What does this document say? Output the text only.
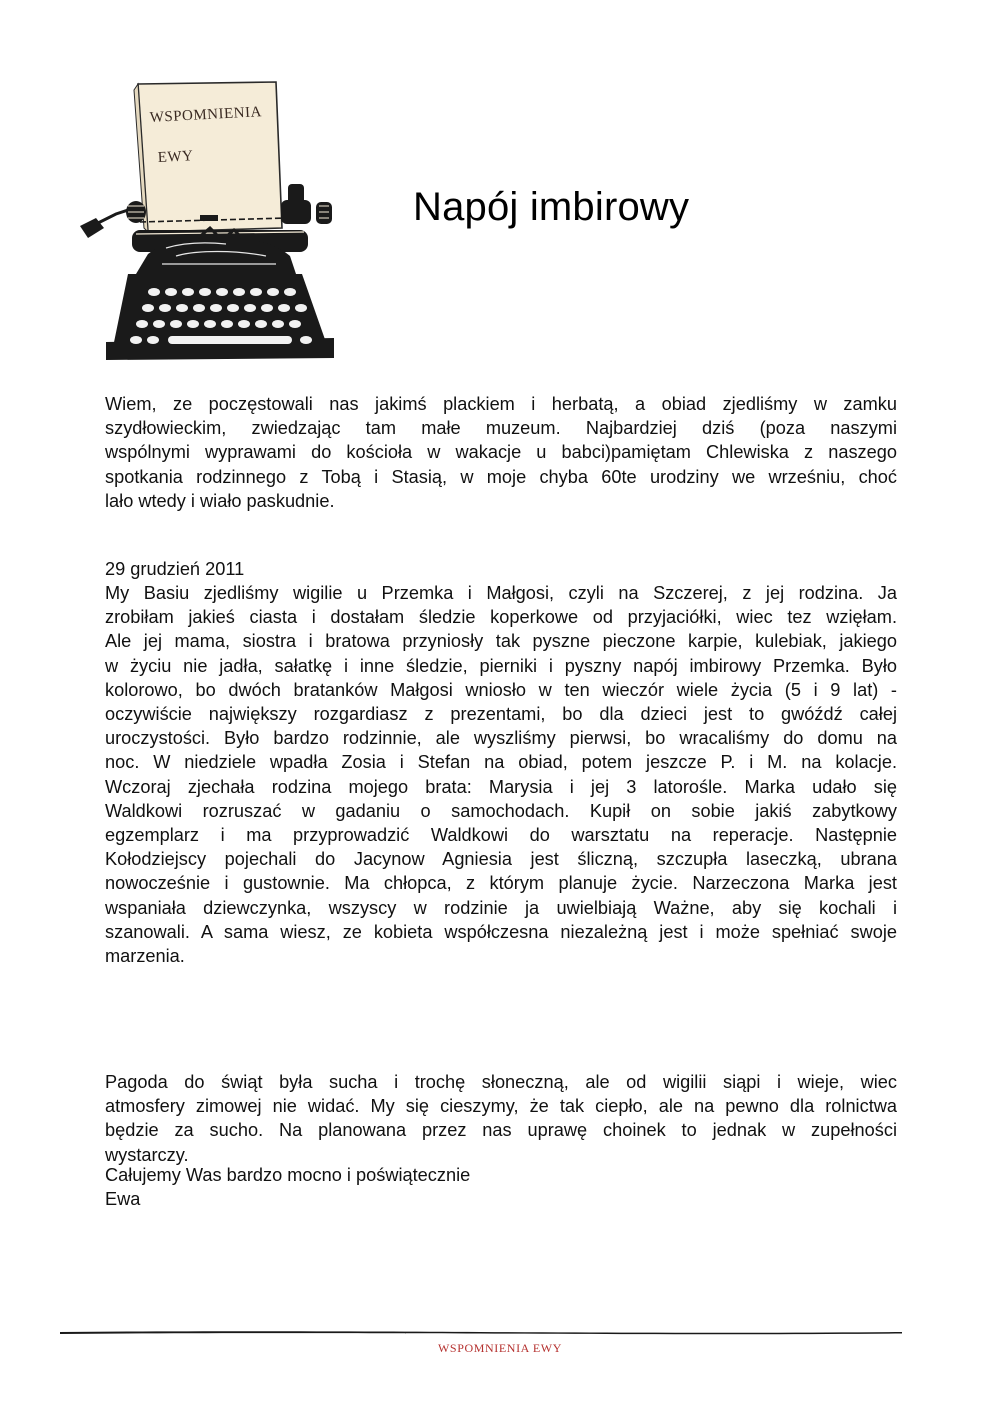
WSPOMNIENIA
EWY
Napój imbirowy
Wiem, ze poczęstowali nas jakimś plackiem i herbatą, a obiad zjedliśmy w zamku
szydłowieckim, zwiedzając tam małe muzeum. Najbardziej dziś (poza naszymi
wspólnymi wyprawami do kościoła w wakacje u babci)pamiętam Chlewiska z naszego
spotkania rodzinnego z Tobą i Stasią, w moje chyba 60te urodziny we wrześniu, choć
lało wtedy i wiało paskudnie.

29 grudzień 2011

My Basiu zjedliśmy wigilie u Przemka i Małgosi, czyli na Szczerej, z jej rodzina. Ja
zrobiłam jakieś ciasta i dostałam śledzie koperkowe od przyjaciółki, wiec tez wzięłam.
Ale jej mama, siostra i bratowa przyniosły tak pyszne pieczone karpie, kulebiak, jakiego
w życiu nie jadła, sałatkę i inne śledzie, pierniki i pyszny napój imbirowy Przemka. Było
kolorowo, bo dwóch bratanków Małgosi wniosło w ten wieczór wiele życia (5 i 9 lat) -
oczywiście największy rozgardiasz z prezentami, bo dla dzieci jest to gwóźdź całej
uroczystości. Było bardzo rodzinnie, ale wyszliśmy pierwsi, bo wracaliśmy do domu na
noc. W niedziele wpadła Zosia i Stefan na obiad, potem jeszcze P. i M. na kolacje.
Wczoraj zjechała rodzina mojego brata: Marysia i jej 3 latorośle. Marka udało się
Waldkowi rozruszać w gadaniu o samochodach. Kupił on sobie jakiś zabytkowy
egzemplarz i ma przyprowadzić Waldkowi do warsztatu na reperacje. Następnie
Kołodziejscy pojechali do Jacynow Agniesia jest śliczną, szczupła laseczką, ubrana
nowocześnie i gustownie. Ma chłopca, z którym planuje życie. Narzeczona Marka jest
wspaniała dziewczynka, wszyscy w rodzinie ja uwielbiają Ważne, aby się kochali i
szanowali. A sama wiesz, ze kobieta współczesna niezależną jest i może spełniać swoje
marzenia.
Pagoda do świąt była sucha i trochę słoneczną, ale od wigilii siąpi i wieje, wiec
atmosfery zimowej nie widać. My się cieszymy, że tak ciepło, ale na pewno dla rolnictwa
będzie za sucho. Na planowana przez nas uprawę choinek to jednak w zupełności
wystarczy.

Całujemy Was bardzo mocno i poświątecznie

Ewa

WSPOMNIENIA EWY
